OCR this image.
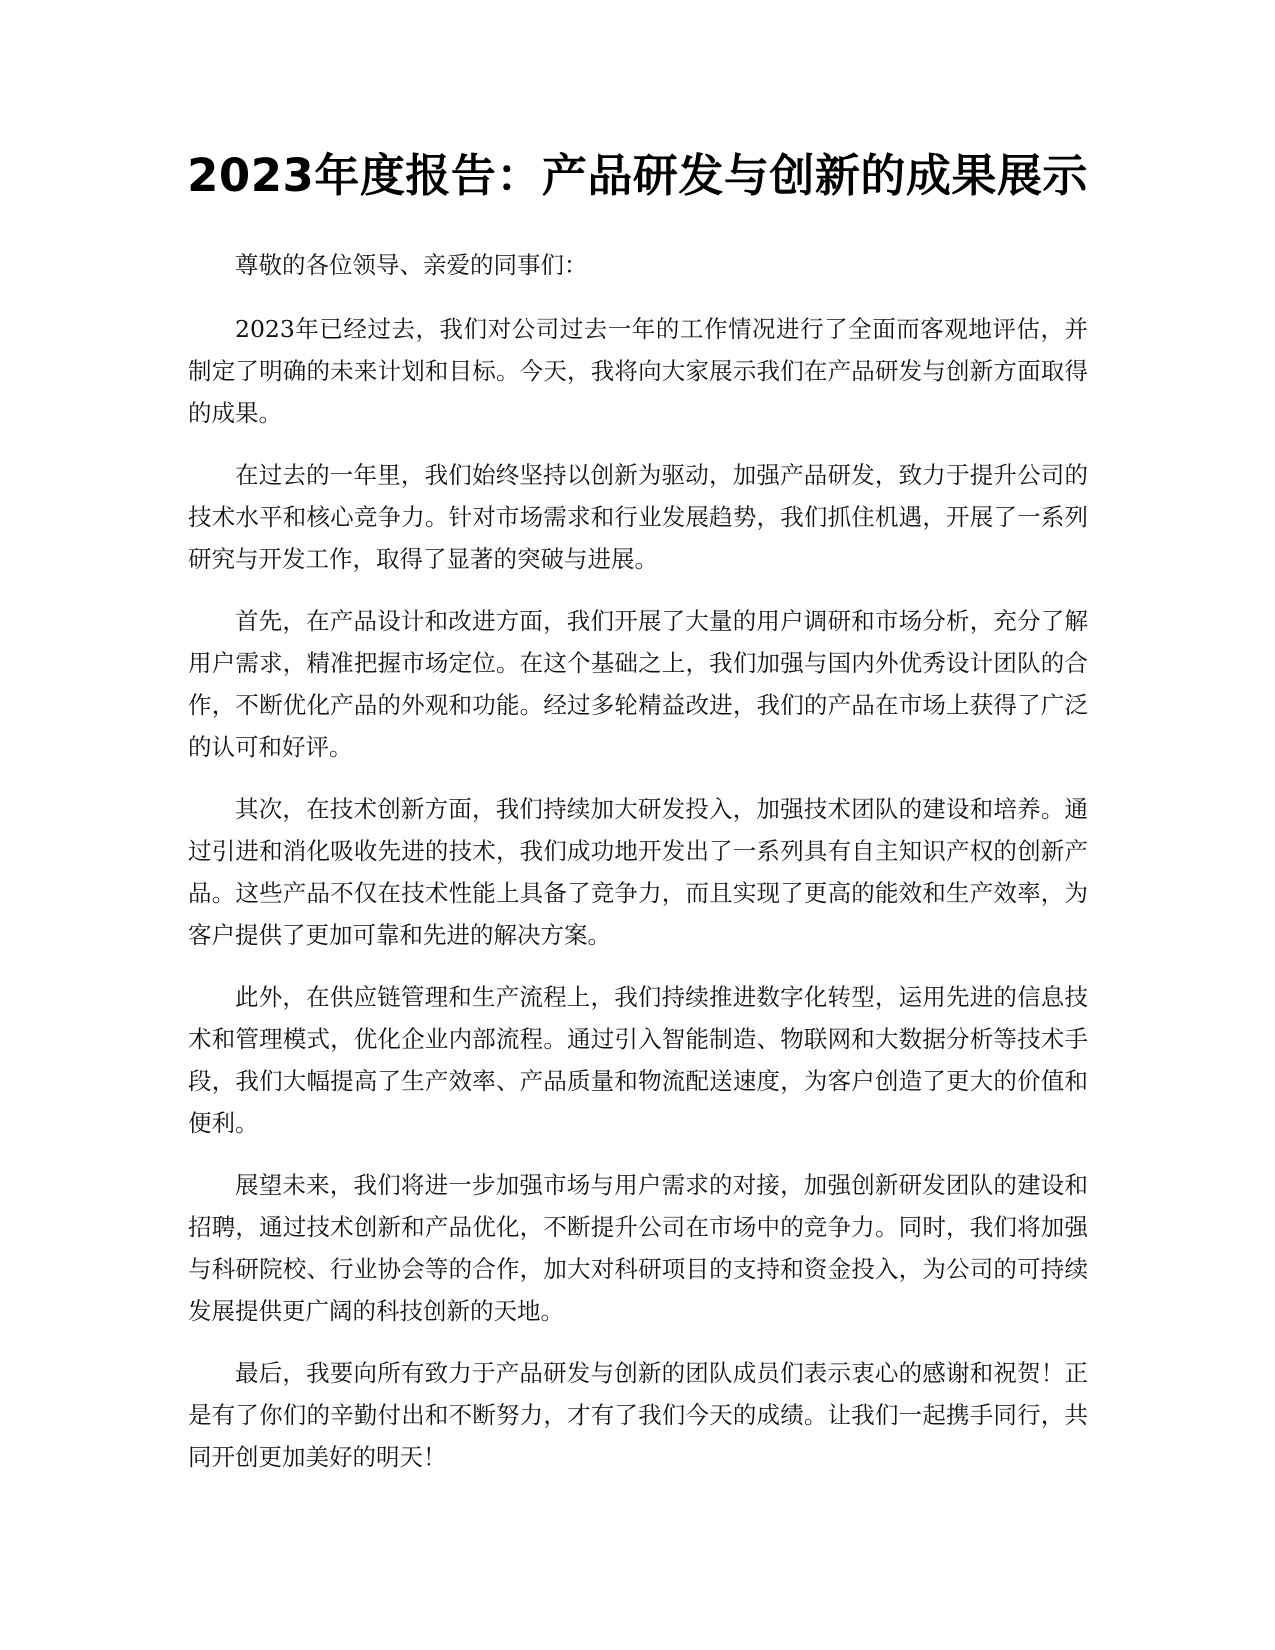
2023年度报告：产品研发与创新的成果展示

尊敬的各位领导、亲爱的同事们：

2023年已经过去，我们对公司过去一年的工作情况进行了全面而客观地评估，并制定了明确的未来计划和目标。今天，我将向大家展示我们在产品研发与创新方面取得的成果。

在过去的一年里，我们始终坚持以创新为驱动，加强产品研发，致力于提升公司的技术水平和核心竞争力。针对市场需求和行业发展趋势，我们抓住机遇，开展了一系列研究与开发工作，取得了显著的突破与进展。

首先，在产品设计和改进方面，我们开展了大量的用户调研和市场分析，充分了解用户需求，精准把握市场定位。在这个基础之上，我们加强与国内外优秀设计团队的合作，不断优化产品的外观和功能。经过多轮精益改进，我们的产品在市场上获得了广泛的认可和好评。

其次，在技术创新方面，我们持续加大研发投入，加强技术团队的建设和培养。通过引进和消化吸收先进的技术，我们成功地开发出了一系列具有自主知识产权的创新产品。这些产品不仅在技术性能上具备了竞争力，而且实现了更高的能效和生产效率，为客户提供了更加可靠和先进的解决方案。

此外，在供应链管理和生产流程上，我们持续推进数字化转型，运用先进的信息技术和管理模式，优化企业内部流程。通过引入智能制造、物联网和大数据分析等技术手段，我们大幅提高了生产效率、产品质量和物流配送速度，为客户创造了更大的价值和便利。

展望未来，我们将进一步加强市场与用户需求的对接，加强创新研发团队的建设和招聘，通过技术创新和产品优化，不断提升公司在市场中的竞争力。同时，我们将加强与科研院校、行业协会等的合作，加大对科研项目的支持和资金投入，为公司的可持续发展提供更广阔的科技创新的天地。

最后，我要向所有致力于产品研发与创新的团队成员们表示衷心的感谢和祝贺！正是有了你们的辛勤付出和不断努力，才有了我们今天的成绩。让我们一起携手同行，共同开创更加美好的明天！
